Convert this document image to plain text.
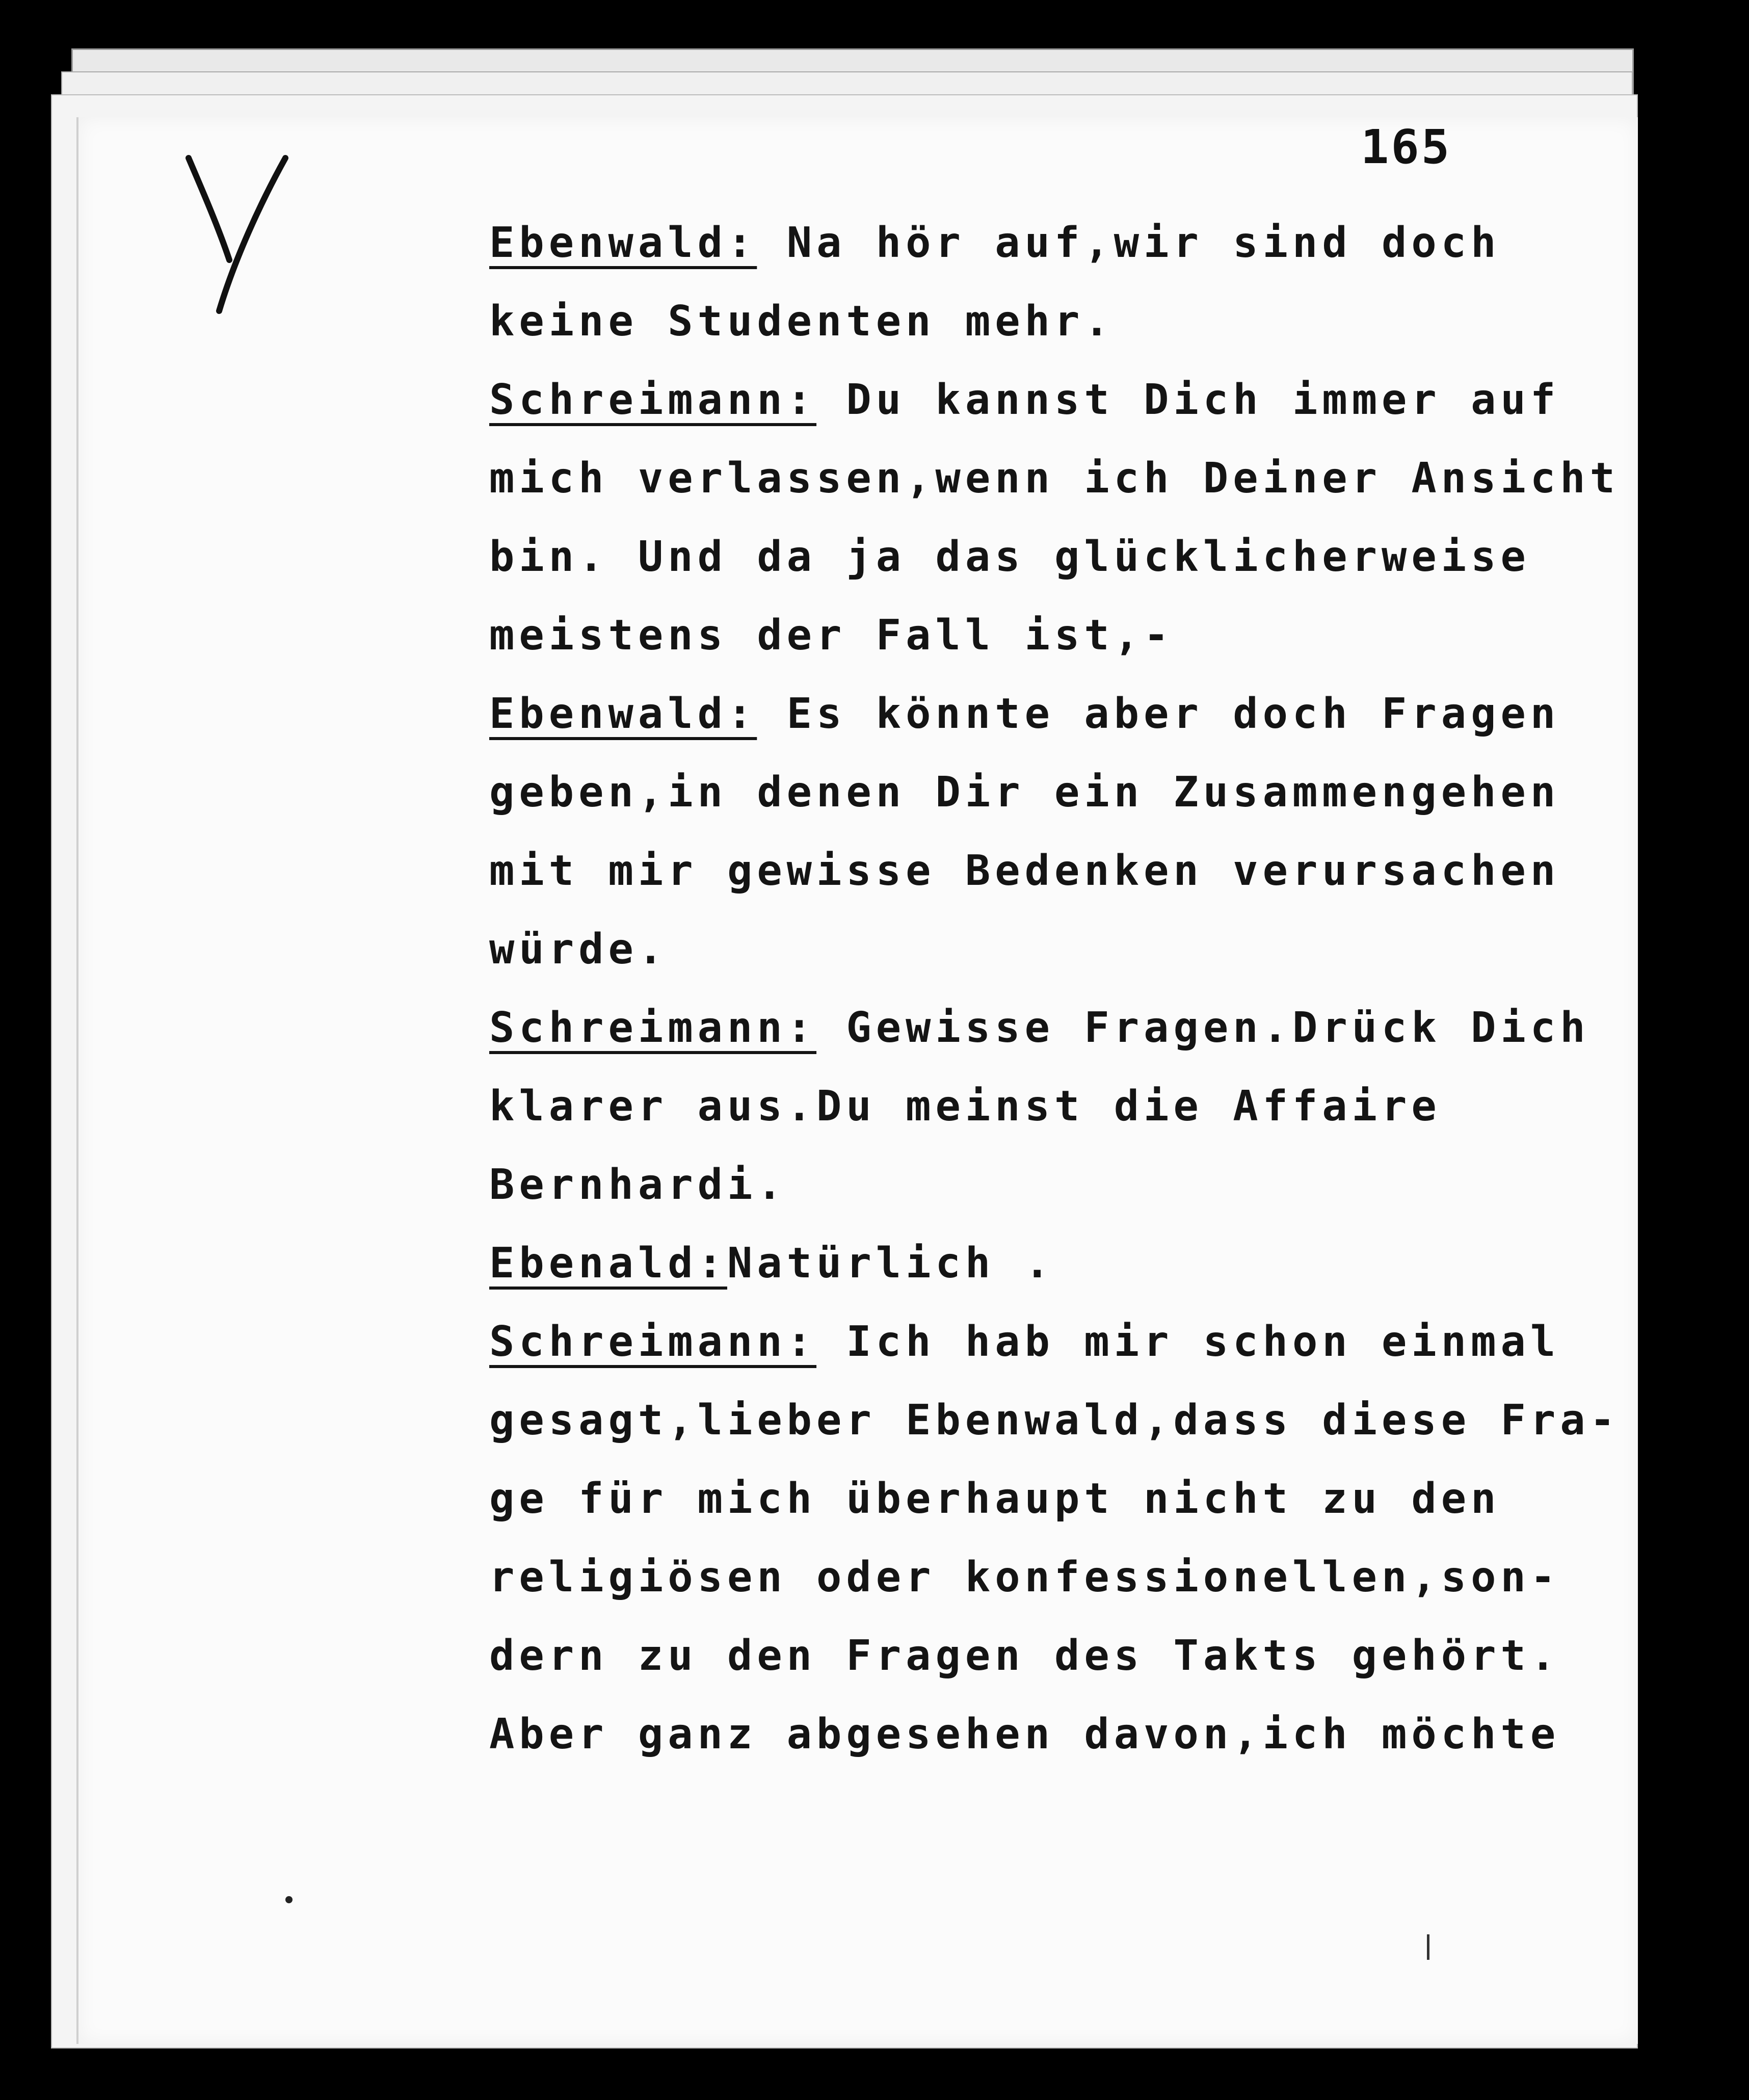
165
Ebenwald: Na hör auf,wir sind doch
keine Studenten mehr.
Schreimann: Du kannst Dich immer auf
mich verlassen,wenn ich Deiner Ansicht
bin. Und da ja das glücklicherweise
meistens der Fall ist,-
Ebenwald: Es könnte aber doch Fragen
geben,in denen Dir ein Zusammengehen
mit mir gewisse Bedenken verursachen
würde.
Schreimann: Gewisse Fragen.Drück Dich
klarer aus.Du meinst die Affaire
Bernhardi.
Ebenald:Natürlich .
Schreimann: Ich hab mir schon einmal
gesagt,lieber Ebenwald,dass diese Fra-
ge für mich überhaupt nicht zu den
religiösen oder konfessionellen,son-
dern zu den Fragen des Takts gehört.
Aber ganz abgesehen davon,ich möchte
